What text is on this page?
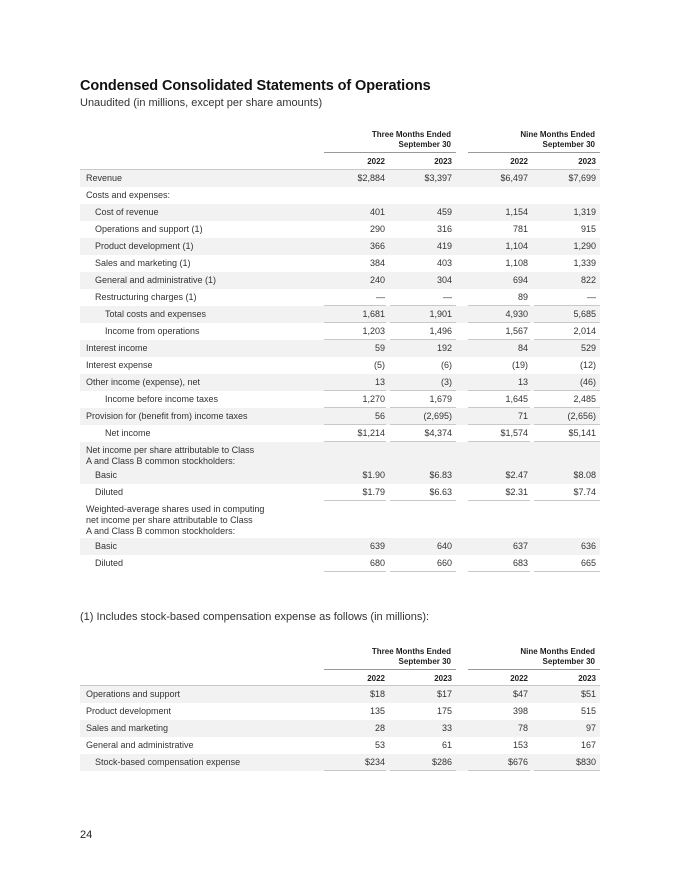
Condensed Consolidated Statements of Operations
Unaudited (in millions, except per share amounts)
Three Months Ended
September 30
Nine Months Ended
September 30
2022	2023	2022	2023
Revenue	$2,884	$3,397	$6,497	$7,699
Costs and expenses:
Cost of revenue	401	459	1,154	1,319
Operations and support (1)	290	316	781	915
Product development (1)	366	419	1,104	1,290
Sales and marketing (1)	384	403	1,108	1,339
General and administrative (1)	240	304	694	822
Restructuring charges (1)	—	—	89	—
Total costs and expenses	1,681	1,901	4,930	5,685
Income from operations	1,203	1,496	1,567	2,014
Interest income	59	192	84	529
Interest expense	(5)	(6)	(19)	(12)
Other income (expense), net	13	(3)	13	(46)
Income before income taxes	1,270	1,679	1,645	2,485
Provision for (benefit from) income taxes	56	(2,695)	71	(2,656)
Net income	$1,214	$4,374	$1,574	$5,141
Net income per share attributable to Class
A and Class B common stockholders:
Basic	$1.90	$6.83	$2.47	$8.08
Diluted	$1.79	$6.63	$2.31	$7.74
Weighted-average shares used in computing
net income per share attributable to Class
A and Class B common stockholders:
Basic	639	640	637	636
Diluted	680	660	683	665
(1) Includes stock-based compensation expense as follows (in millions):
Three Months Ended
September 30
Nine Months Ended
September 30
2022	2023	2022	2023
Operations and support	$18	$17	$47	$51
Product development	135	175	398	515
Sales and marketing	28	33	78	97
General and administrative	53	61	153	167
Stock-based compensation expense	$234	$286	$676	$830
24
